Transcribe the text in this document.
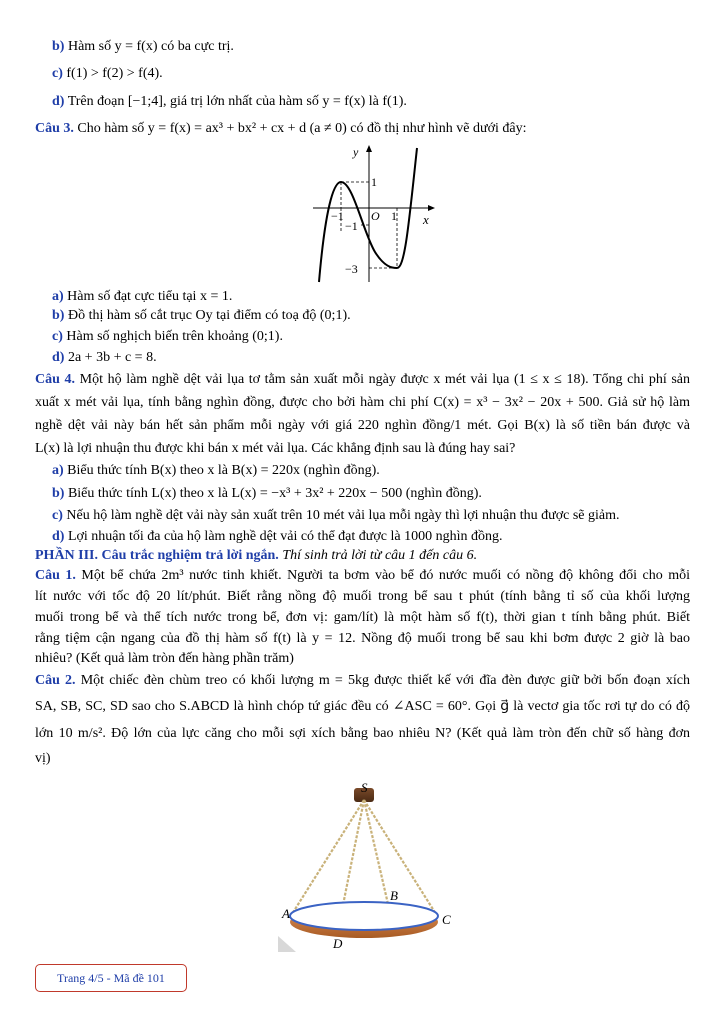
b) Hàm số y = f(x) có ba cực trị.
c) f(1) > f(2) > f(4).
d) Trên đoạn [−1;4], giá trị lớn nhất của hàm số y = f(x) là f(1).
Câu 3. Cho hàm số y = f(x) = ax³ + bx² + cx + d (a ≠ 0) có đồ thị như hình vẽ dưới đây:
y
x
O
−1	1
1
−1
−3
a) Hàm số đạt cực tiểu tại x = 1.
b) Đồ thị hàm số cắt trục Oy tại điểm có toạ độ (0;1).
c) Hàm số nghịch biến trên khoảng (0;1).
d) 2a + 3b + c = 8.
Câu 4. Một hộ làm nghề dệt vải lụa tơ tằm sản xuất mỗi ngày được x mét vải lụa (1 ≤ x ≤ 18). Tổng chi phí sản
xuất x mét vải lụa, tính bằng nghìn đồng, được cho bởi hàm chi phí C(x) = x³ − 3x² − 20x + 500. Giả sử hộ làm
nghề dệt vải này bán hết sản phẩm mỗi ngày với giá 220 nghìn đồng/1 mét. Gọi B(x) là số tiền bán được và
L(x) là lợi nhuận thu được khi bán x mét vải lụa. Các khẳng định sau là đúng hay sai?
a) Biểu thức tính B(x) theo x là B(x) = 220x (nghìn đồng).
b) Biểu thức tính L(x) theo x là L(x) = −x³ + 3x² + 220x − 500 (nghìn đồng).
c) Nếu hộ làm nghề dệt vải này sản xuất trên 10 mét vải lụa mỗi ngày thì lợi nhuận thu được sẽ giảm.
d) Lợi nhuận tối đa của hộ làm nghề dệt vải có thể đạt được là 1000 nghìn đồng.
PHẦN III. Câu trắc nghiệm trả lời ngắn. Thí sinh trả lời từ câu 1 đến câu 6.
Câu 1. Một bể chứa 2m³ nước tinh khiết. Người ta bơm vào bể đó nước muối có nồng độ không đổi cho mỗi
lít nước với tốc độ 20 lít/phút. Biết rằng nồng độ muối trong bể sau t phút (tính bằng tỉ số của khối lượng
muối trong bể và thể tích nước trong bể, đơn vị: gam/lít) là một hàm số f(t), thời gian t tính bằng phút. Biết
rằng tiệm cận ngang của đồ thị hàm số f(t) là y = 12. Nồng độ muối trong bể sau khi bơm được 2 giờ là bao
nhiêu? (Kết quả làm tròn đến hàng phần trăm)
Câu 2. Một chiếc đèn chùm treo có khối lượng m = 5kg được thiết kế với đĩa đèn được giữ bởi bốn đoạn xích
SA, SB, SC, SD sao cho S.ABCD là hình chóp tứ giác đều có ∠ASC = 60°. Gọi g⃗ là vectơ gia tốc rơi tự do có độ
lớn 10 m/s². Độ lớn của lực căng cho mỗi sợi xích bằng bao nhiêu N? (Kết quả làm tròn đến chữ số hàng đơn
vị)
S
A
B
C
D
Trang 4/5 - Mã đề 101
